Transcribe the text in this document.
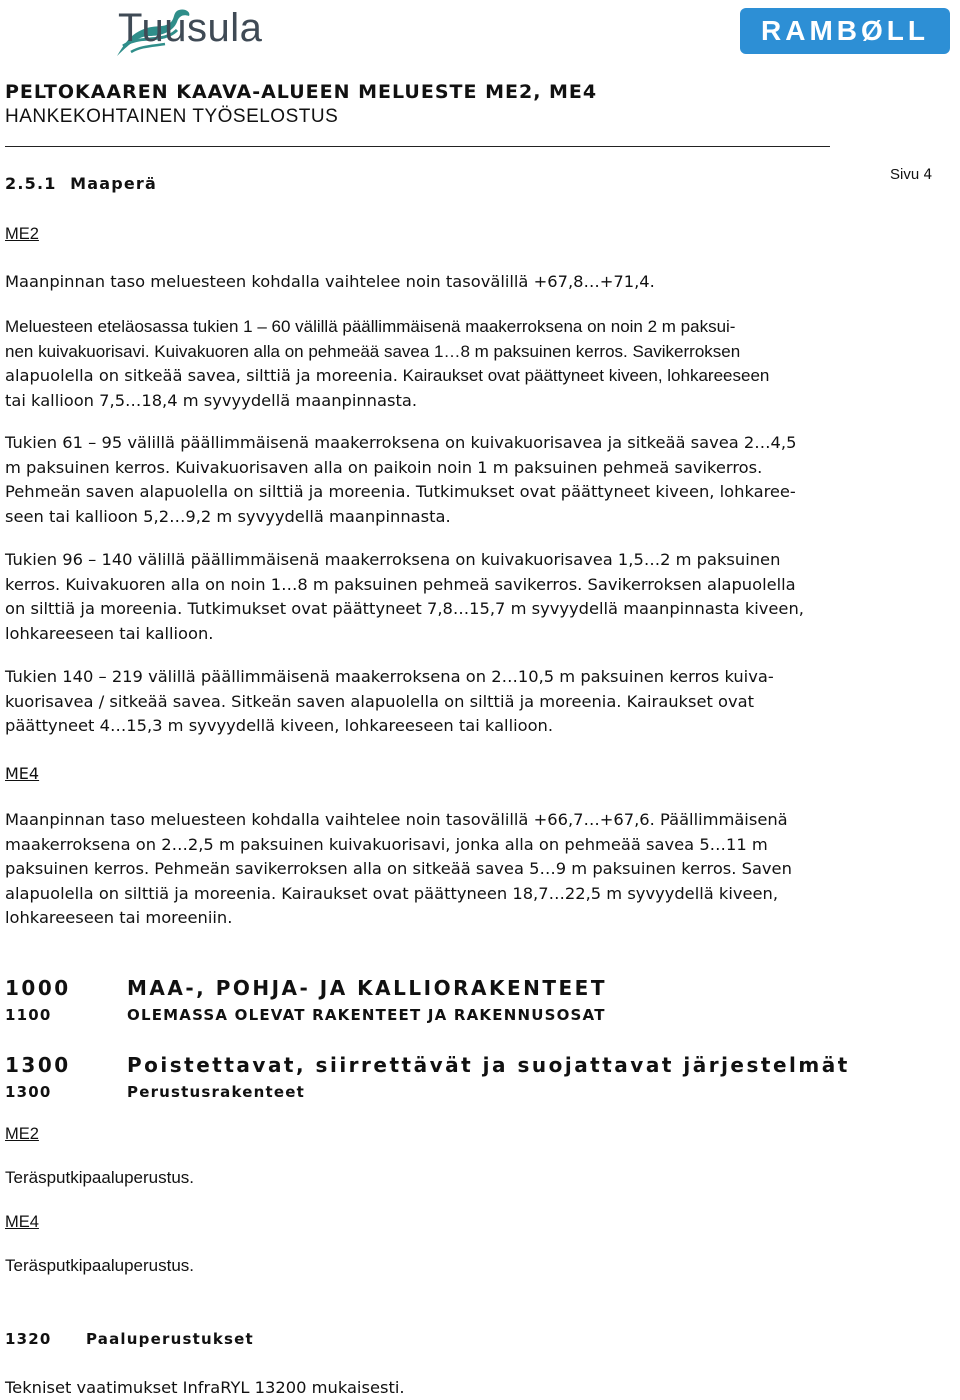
Tuusula	RAMBØLL
PELTOKAAREN KAAVA-ALUEEN MELUESTE ME2, ME4
HANKEKOHTAINEN TYÖSELOSTUS
2.5.1  Maaperä	Sivu 4
ME2
Maanpinnan taso meluesteen kohdalla vaihtelee noin tasovälillä +67,8…+71,4.
Meluesteen eteläosassa tukien 1 – 60 välillä päällimmäisenä maakerroksena on noin 2 m paksui-
nen kuivakuorisavi. Kuivakuoren alla on pehmeää savea 1…8 m paksuinen kerros. Savikerroksen
alapuolella on sitkeää savea, silttiä ja moreenia. Kairaukset ovat päättyneet kiveen, lohkareeseen
tai kallioon 7,5…18,4 m syvyydellä maanpinnasta.
Tukien 61 – 95 välillä päällimmäisenä maakerroksena on kuivakuorisavea ja sitkeää savea 2…4,5
m paksuinen kerros. Kuivakuorisaven alla on paikoin noin 1 m paksuinen pehmeä savikerros.
Pehmeän saven alapuolella on silttiä ja moreenia. Tutkimukset ovat päättyneet kiveen, lohkaree-
seen tai kallioon 5,2…9,2 m syvyydellä maanpinnasta.
Tukien 96 – 140 välillä päällimmäisenä maakerroksena on kuivakuorisavea 1,5…2 m paksuinen
kerros. Kuivakuoren alla on noin 1…8 m paksuinen pehmeä savikerros. Savikerroksen alapuolella
on silttiä ja moreenia. Tutkimukset ovat päättyneet 7,8…15,7 m syvyydellä maanpinnasta kiveen,
lohkareeseen tai kallioon.
Tukien 140 – 219 välillä päällimmäisenä maakerroksena on 2…10,5 m paksuinen kerros kuiva-
kuorisavea / sitkeää savea. Sitkeän saven alapuolella on silttiä ja moreenia. Kairaukset ovat
päättyneet 4…15,3 m syvyydellä kiveen, lohkareeseen tai kallioon.
ME4
Maanpinnan taso meluesteen kohdalla vaihtelee noin tasovälillä +66,7…+67,6. Päällimmäisenä
maakerroksena on 2…2,5 m paksuinen kuivakuorisavi, jonka alla on pehmeää savea 5…11 m
paksuinen kerros. Pehmeän savikerroksen alla on sitkeää savea 5…9 m paksuinen kerros. Saven
alapuolella on silttiä ja moreenia. Kairaukset ovat päättyneen 18,7…22,5 m syvyydellä kiveen,
lohkareeseen tai moreeniin.
1000	MAA-, POHJA- JA KALLIORAKENTEET
1100	OLEMASSA OLEVAT RAKENTEET JA RAKENNUSOSAT
1300	Poistettavat, siirrettävät ja suojattavat järjestelmät
1300	Perustusrakenteet
ME2
Teräsputkipaaluperustus.
ME4
Teräsputkipaaluperustus.
1320 Paaluperustukset
Tekniset vaatimukset InfraRYL 13200 mukaisesti.
